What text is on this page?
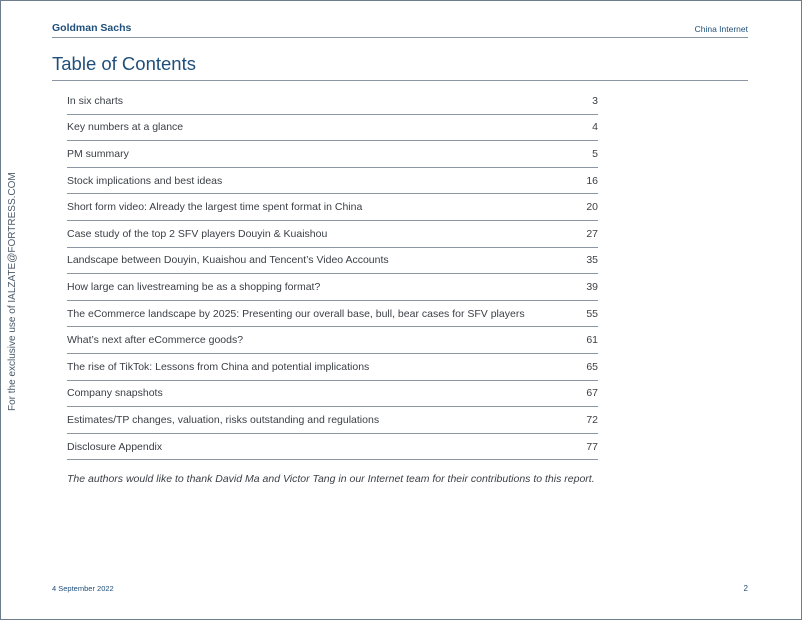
Goldman Sachs	China Internet
Table of Contents
In six charts	3
Key numbers at a glance	4
PM summary	5
Stock implications and best ideas	16
Short form video: Already the largest time spent format in China	20
Case study of the top 2 SFV players Douyin & Kuaishou	27
Landscape between Douyin, Kuaishou and Tencent’s Video Accounts	35
How large can livestreaming be as a shopping format?	39
The eCommerce landscape by 2025: Presenting our overall base, bull, bear cases for SFV players	55
What’s next after eCommerce goods?	61
The rise of TikTok: Lessons from China and potential implications	65
Company snapshots	67
Estimates/TP changes, valuation, risks outstanding and regulations	72
Disclosure Appendix	77
The authors would like to thank David Ma and Victor Tang in our Internet team for their contributions to this report.
For the exclusive use of IALZATE@FORTRESS.COM
4 September 2022	2
